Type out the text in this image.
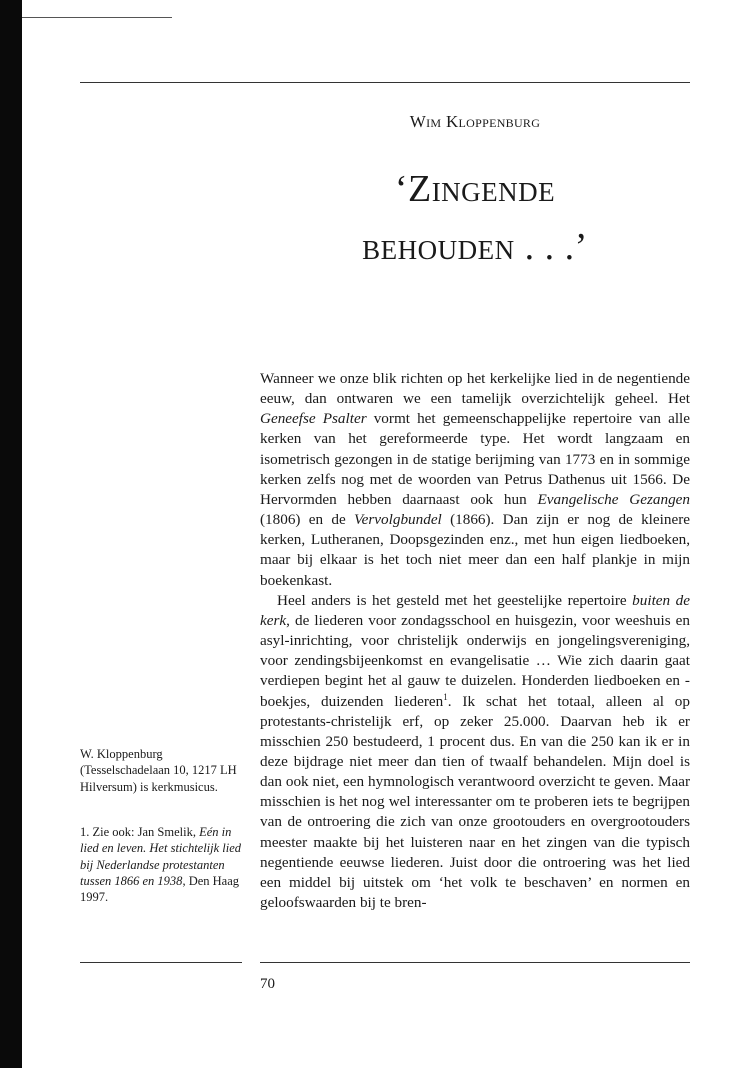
Wim Kloppenburg
‘Zingende
behouden . . .’

Wanneer we onze blik richten op het kerkelijke lied in de negentiende eeuw, dan ontwaren we een tamelijk overzichtelijk geheel. Het Geneefse Psalter vormt het gemeenschappelijke repertoire van alle kerken van het gereformeerde type. Het wordt langzaam en isometrisch gezongen in de statige berijming van 1773 en in sommige kerken zelfs nog met de woorden van Petrus Dathenus uit 1566. De Hervormden hebben daarnaast ook hun Evangelische Gezangen (1806) en de Vervolgbundel (1866). Dan zijn er nog de kleinere kerken, Lutheranen, Doopsgezinden enz., met hun eigen liedboeken, maar bij elkaar is het toch niet meer dan een half plankje in mijn boekenkast.

Heel anders is het gesteld met het geestelijke repertoire buiten de kerk, de liederen voor zondagsschool en huisgezin, voor weeshuis en asyl-inrichting, voor christelijk onderwijs en jongelingsvereniging, voor zendingsbijeenkomst en evangelisatie … Wie zich daarin gaat verdiepen begint het al gauw te duizelen. Honderden liedboeken en -boekjes, duizenden liederen$^1$. Ik schat het totaal, alleen al op protestants-christelijk erf, op zeker 25.000. Daarvan heb ik er misschien 250 bestudeerd, 1 procent dus. En van die 250 kan ik er in deze bijdrage niet meer dan tien of twaalf behandelen. Mijn doel is dan ook niet, een hymnologisch verantwoord overzicht te geven. Maar misschien is het nog wel interessanter om te proberen iets te begrijpen van de ontroering die zich van onze grootouders en overgrootouders meester maakte bij het luisteren naar en het zingen van die typisch negentiende eeuwse liederen. Juist door die ontroering was het lied een middel bij uitstek om ‘het volk te beschaven’ en normen en geloofswaarden bij te bren-

W. Kloppenburg (Tesselschadelaan 10, 1217 LH Hilversum) is kerkmusicus.

1. Zie ook: Jan Smelik, Eén in lied en leven. Het stichtelijk lied bij Nederlandse protestanten tussen 1866 en 1938, Den Haag 1997.

70
